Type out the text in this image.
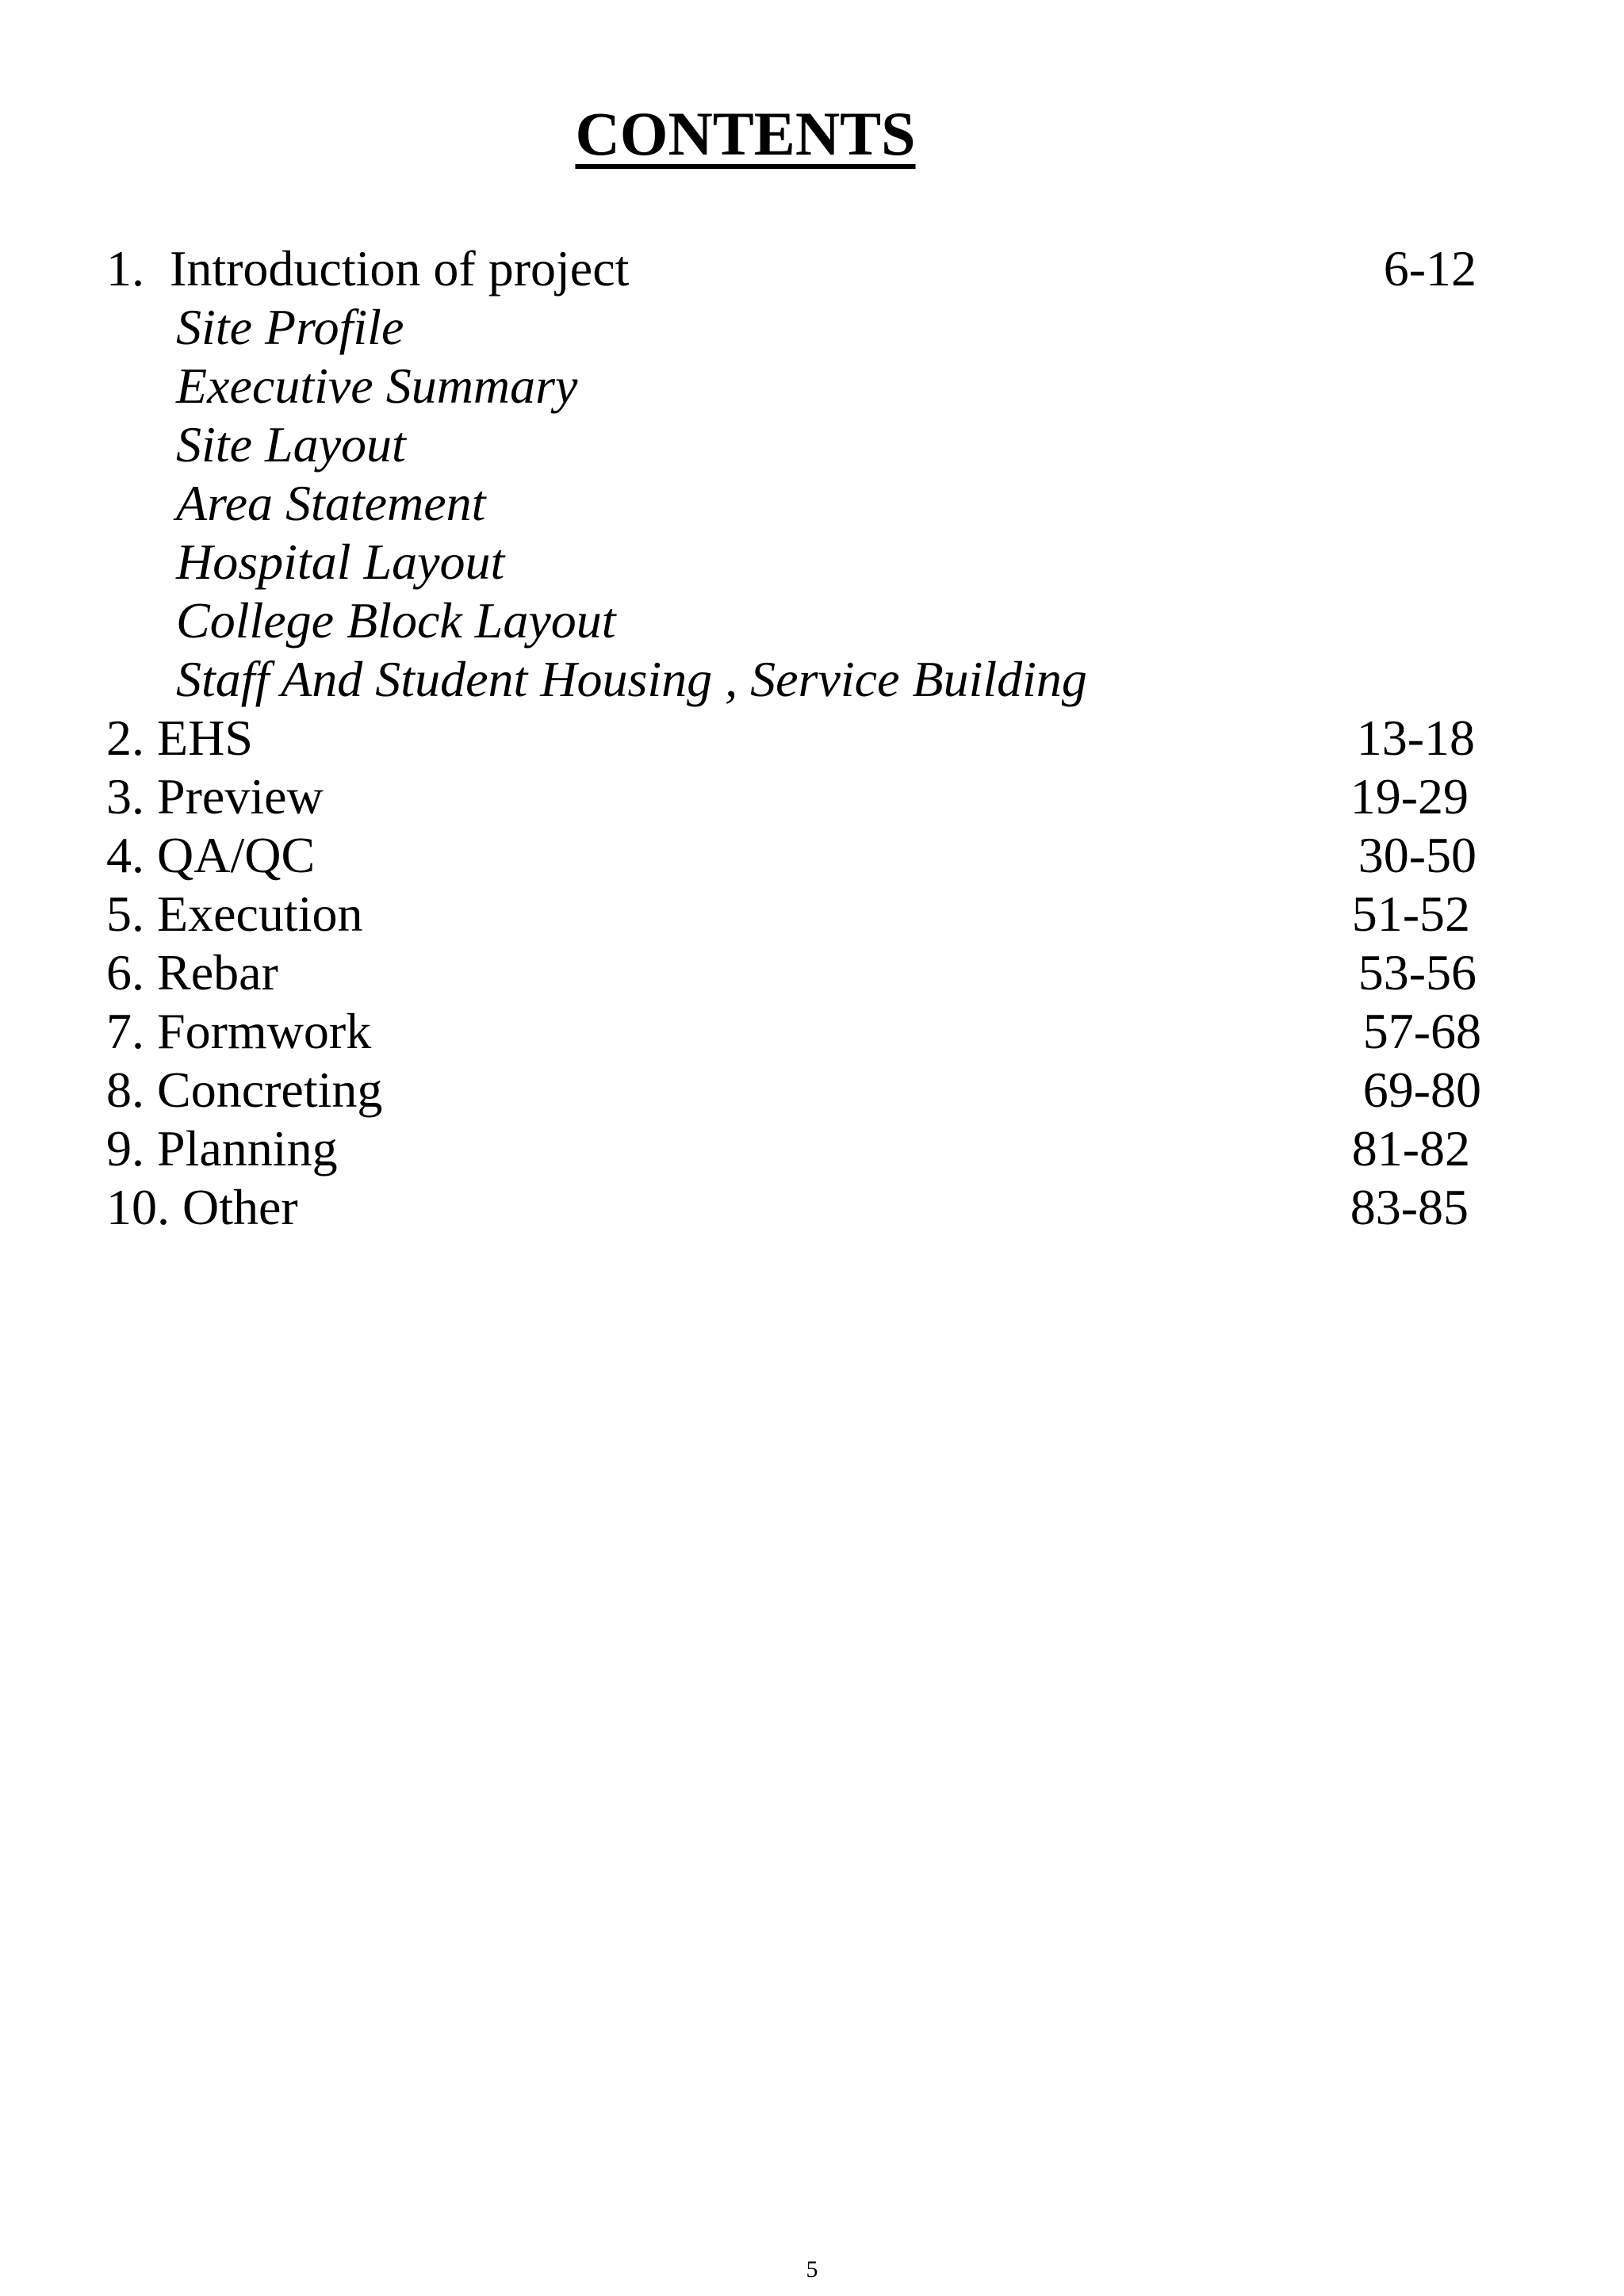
CONTENTS
1. Introduction of project	6-12
Site Profile
Executive Summary
Site Layout
Area Statement
Hospital Layout
College Block Layout
Staff And Student Housing , Service Building
2. EHS	13-18
3. Preview	19-29
4. QA/QC	30-50
5. Execution	51-52
6. Rebar	53-56
7. Formwork	57-68
8. Concreting	69-80
9. Planning	81-82
10. Other	83-85
5
